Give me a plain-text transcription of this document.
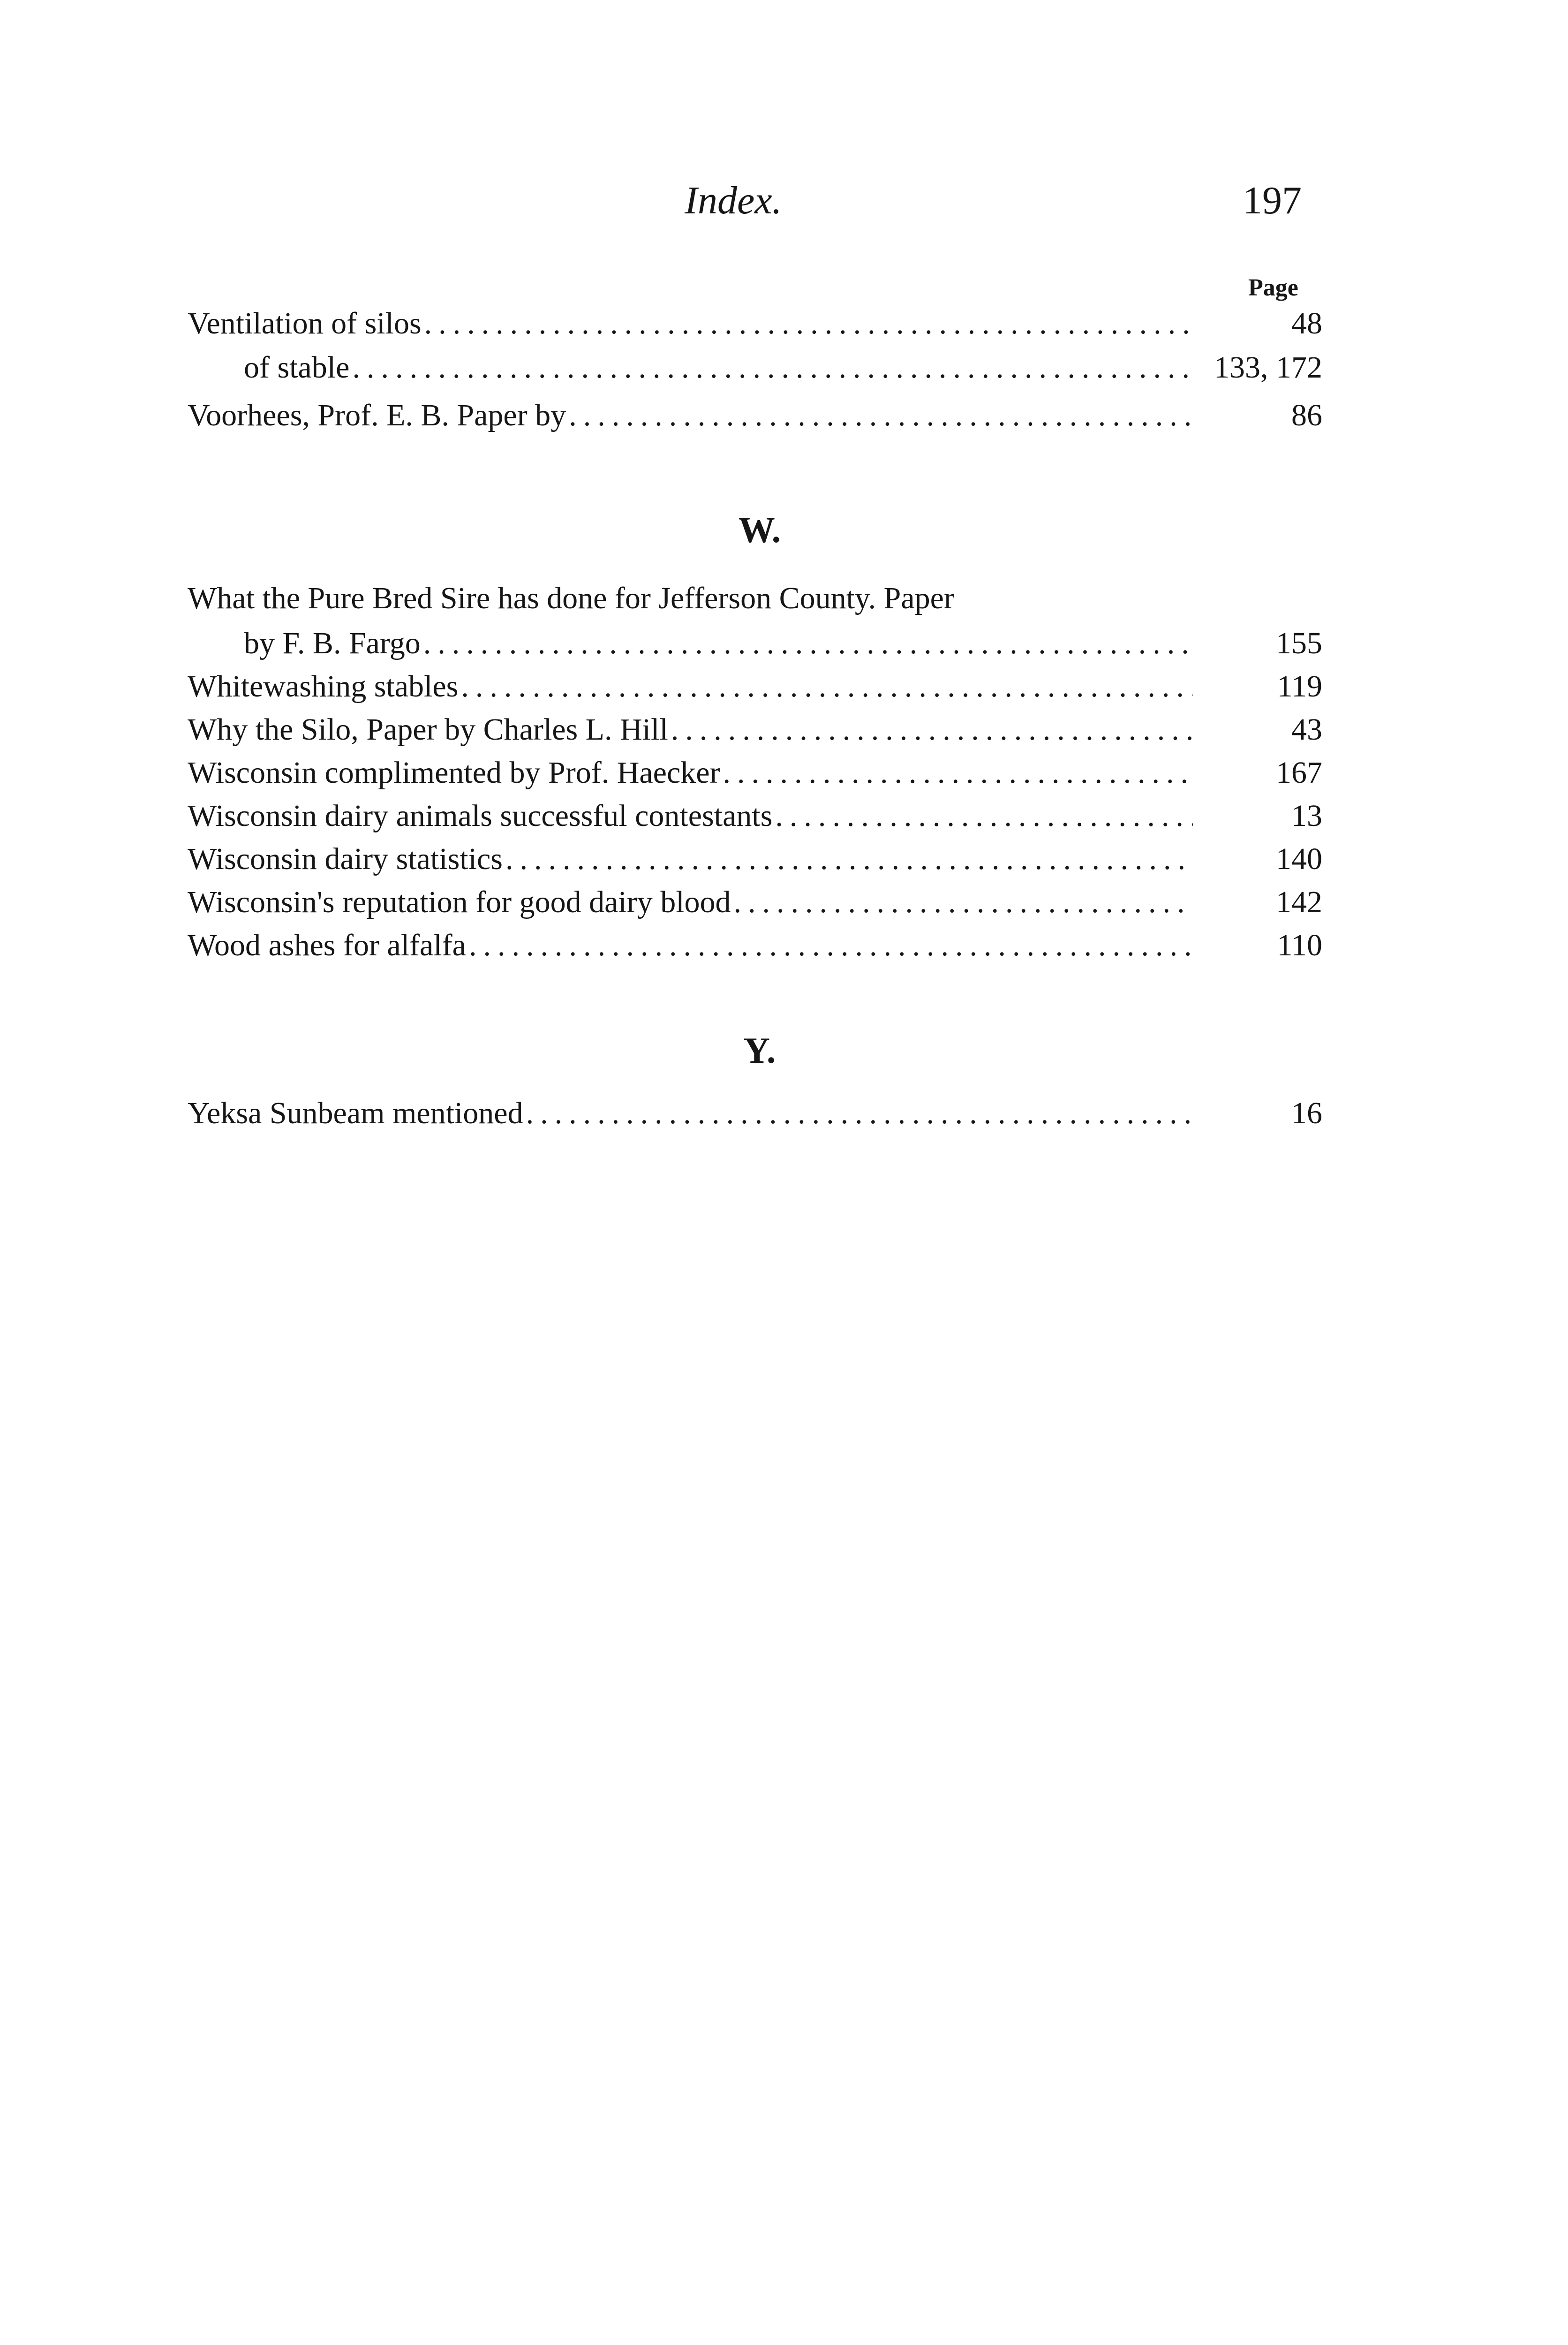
Index.	197
Page
Ventilation of silos .....	48
of stable .....	133, 172
Voorhees, Prof. E. B. Paper by .....	86
W.
What the Pure Bred Sire has done for Jefferson County. Paper
by F. B. Fargo .....	155
Whitewashing stables .....	119
Why the Silo, Paper by Charles L. Hill .....	43
Wisconsin complimented by Prof. Haecker .....	167
Wisconsin dairy animals successful contestants .....	13
Wisconsin dairy statistics .....	140
Wisconsin's reputation for good dairy blood .....	142
Wood ashes for alfalfa .....	110
Y.
Yeksa Sunbeam mentioned .....	16
